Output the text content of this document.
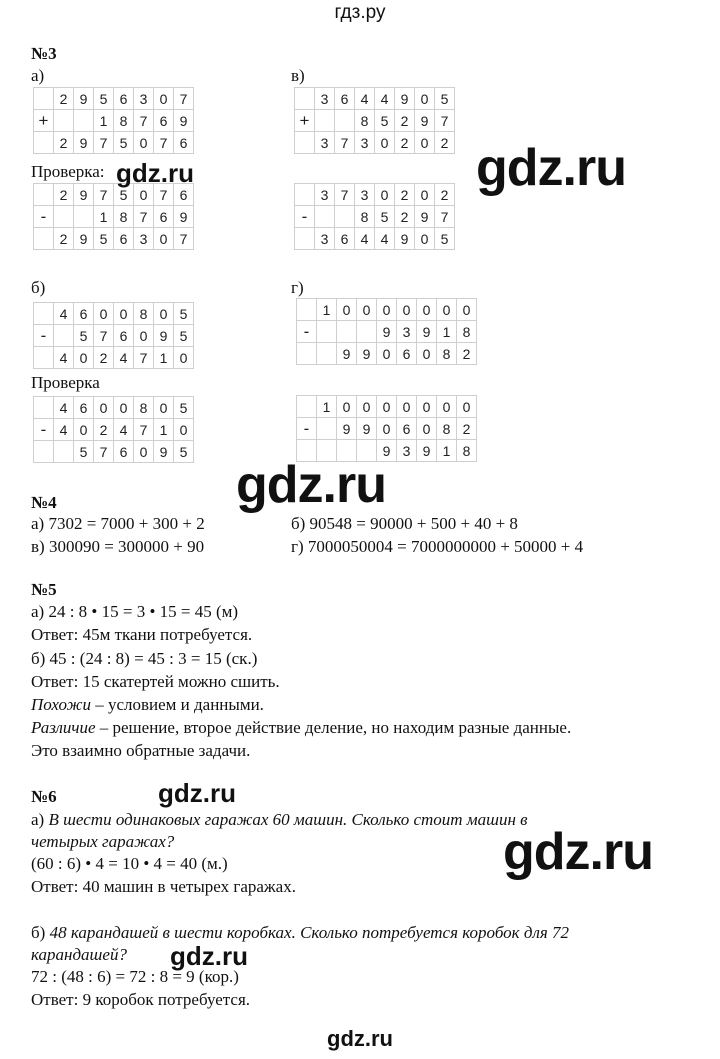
гдз.ру
№3
а)	в)
	2	9	5	6	3	0	7
+			1	8	7	6	9
	2	9	7	5	0	7	6
	3	6	4	4	9	0	5
+			8	5	2	9	7
	3	7	3	0	2	0	2
Проверка:
	2	9	7	5	0	7	6
-			1	8	7	6	9
	2	9	5	6	3	0	7
	3	7	3	0	2	0	2
-			8	5	2	9	7
	3	6	4	4	9	0	5
б)	г)
	4	6	0	0	8	0	5
-		5	7	6	0	9	5
	4	0	2	4	7	1	0
	1	0	0	0	0	0	0	0
-				9	3	9	1	8
		9	9	0	6	0	8	2
Проверка
	4	6	0	0	8	0	5
-	4	0	2	4	7	1	0
		5	7	6	0	9	5
	1	0	0	0	0	0	0	0
-		9	9	0	6	0	8	2
				9	3	9	1	8
№4
а) 7302 = 7000 + 300 + 2	б) 90548 = 90000 + 500 + 40 + 8
в) 300090 = 300000 + 90	г) 7000050004 = 7000000000 + 50000 + 4
№5
а) 24 : 8 • 15 = 3 • 15 = 45 (м)
Ответ: 45м ткани потребуется.
б) 45 : (24 : 8) = 45 : 3 = 15 (ск.)
Ответ: 15 скатертей можно сшить.
Похожи – условием и данными.
Различие – решение, второе действие деление, но находим разные данные.
Это взаимно обратные задачи.
№6
а) В шести одинаковых гаражах 60 машин. Сколько стоит машин в
четырых гаражах?
(60 : 6) • 4 = 10 • 4 = 40 (м.)
Ответ: 40 машин в четырех гаражах.
б) 48 карандашей в шести коробках. Сколько потребуется коробок для 72
карандашей?
72 : (48 : 6) = 72 : 8 = 9 (кор.)
Ответ: 9 коробок потребуется.
gdz.ru	gdz.ru
gdz.ru
gdz.ru
gdz.ru
gdz.ru
gdz.ru
